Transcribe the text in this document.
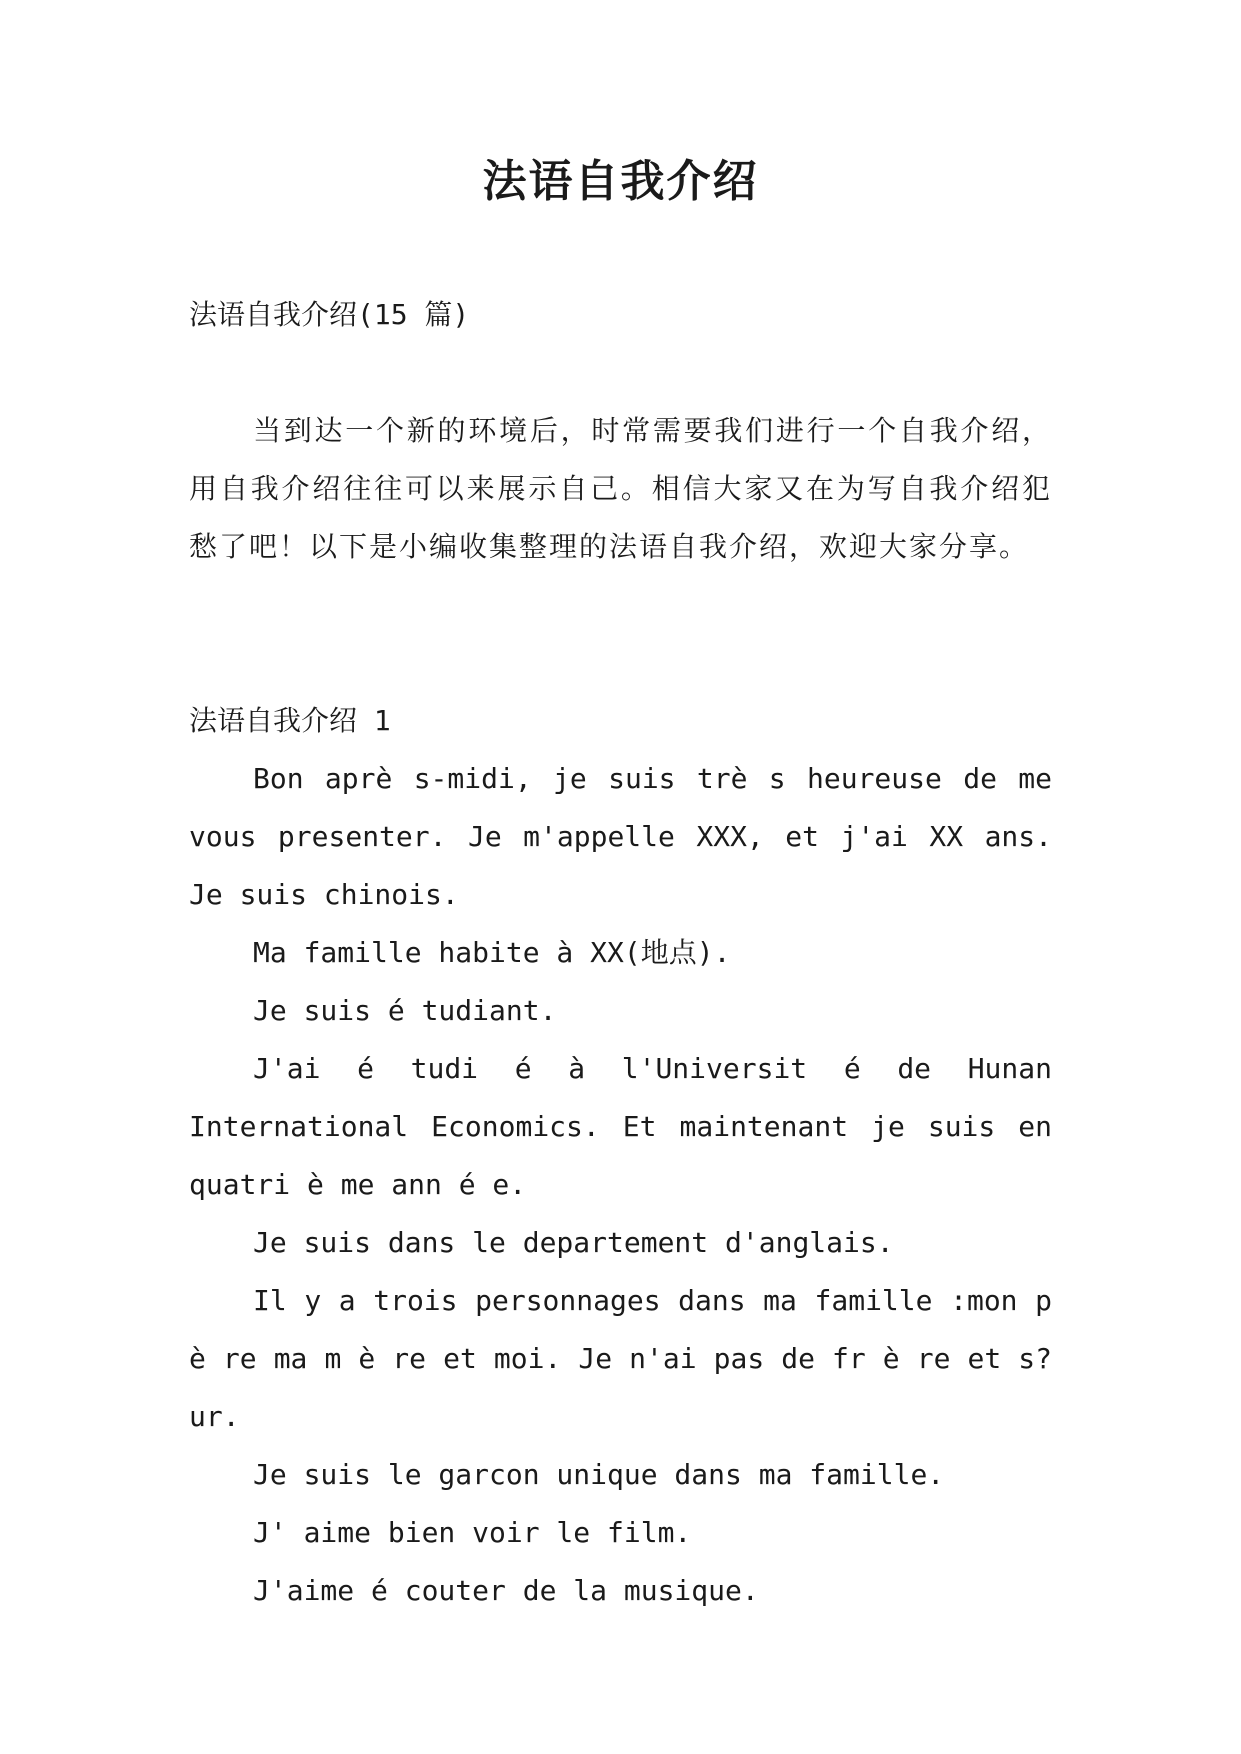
法语自我介绍
法语自我介绍(15 篇)

当到达一个新的环境后，时常需要我们进行一个自我介绍，用自我介绍往往可以来展示自己。相信大家又在为写自我介绍犯愁了吧！以下是小编收集整理的法语自我介绍，欢迎大家分享。

法语自我介绍 1

Bon aprè s-midi, je suis trè s heureuse de me vous presenter. Je m'appelle XXX, et j'ai XX ans. Je suis chinois.

Ma famille habite à XX(地点).

Je suis é tudiant.

J'ai é tudi é à l'Universit é de Hunan International Economics. Et maintenant je suis en quatri è me ann é e.

Je suis dans le departement d'anglais.

Il y a trois personnages dans ma famille :mon p è re ma m è re et moi. Je n'ai pas de fr è re et s?ur.

Je suis le garcon unique dans ma famille.

J' aime bien voir le film.

J'aime é couter de la musique.
